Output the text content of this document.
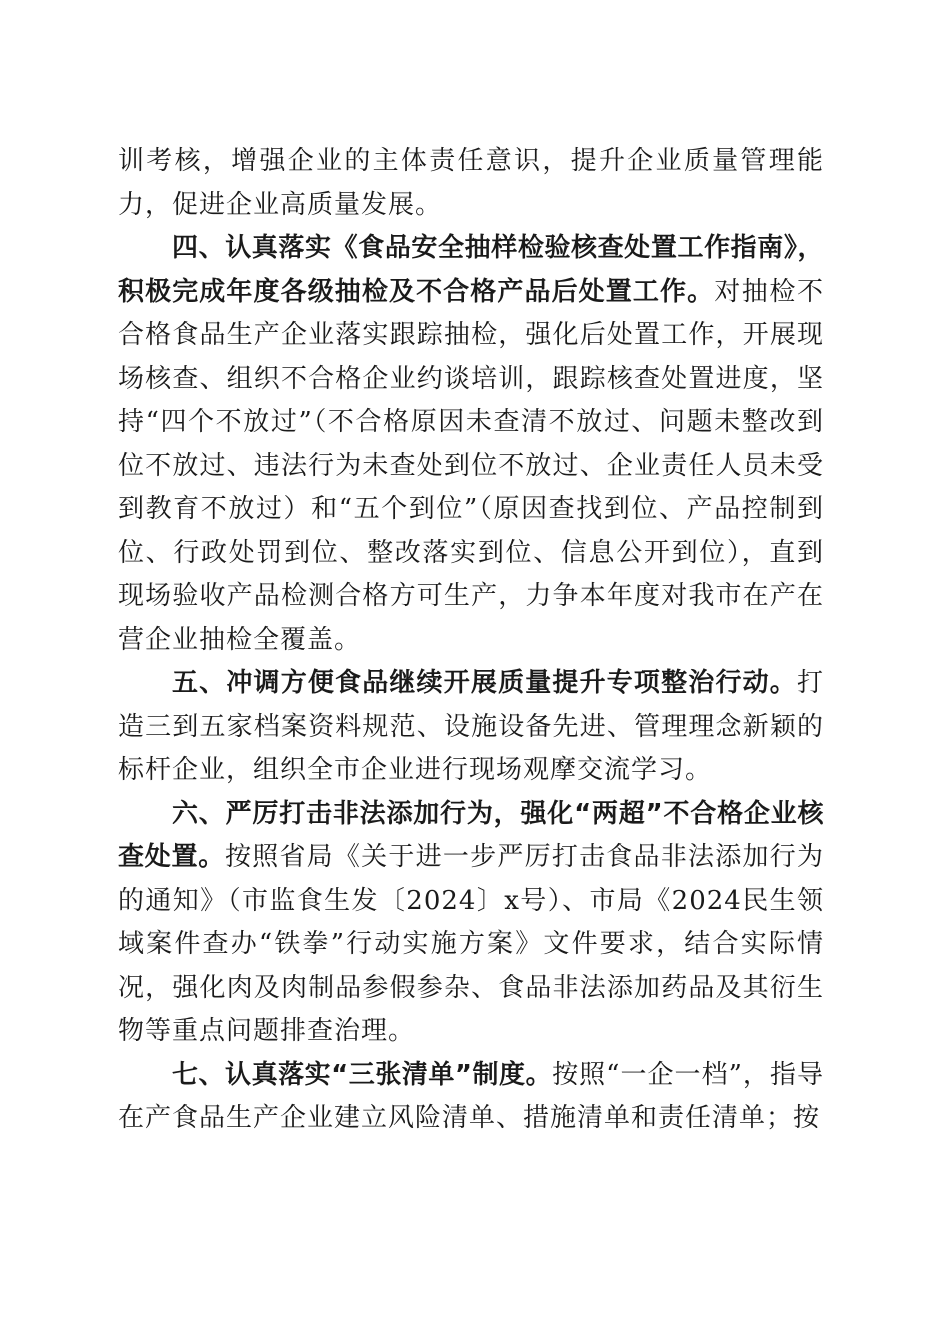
训考核，增强企业的主体责任意识，提升企业质量管理能力，促进企业高质量发展。

四、认真落实《食品安全抽样检验核查处置工作指南》，积极完成年度各级抽检及不合格产品后处置工作。对抽检不合格食品生产企业落实跟踪抽检，强化后处置工作，开展现场核查、组织不合格企业约谈培训，跟踪核查处置进度，坚持“四个不放过”（不合格原因未查清不放过、问题未整改到位不放过、违法行为未查处到位不放过、企业责任人员未受到教育不放过）和“五个到位”（原因查找到位、产品控制到位、行政处罚到位、整改落实到位、信息公开到位），直到现场验收产品检测合格方可生产，力争本年度对我市在产在营企业抽检全覆盖。

五、冲调方便食品继续开展质量提升专项整治行动。打造三到五家档案资料规范、设施设备先进、管理理念新颖的标杆企业，组织全市企业进行现场观摩交流学习。

六、严厉打击非法添加行为，强化“两超”不合格企业核查处置。按照省局《关于进一步严厉打击食品非法添加行为的通知》（市监食生发〔2024〕x号）、市局《2024民生领域案件查办“铁拳”行动实施方案》文件要求，结合实际情况，强化肉及肉制品参假参杂、食品非法添加药品及其衍生物等重点问题排查治理。

七、认真落实“三张清单”制度。按照“一企一档”，指导在产食品生产企业建立风险清单、措施清单和责任清单；按
